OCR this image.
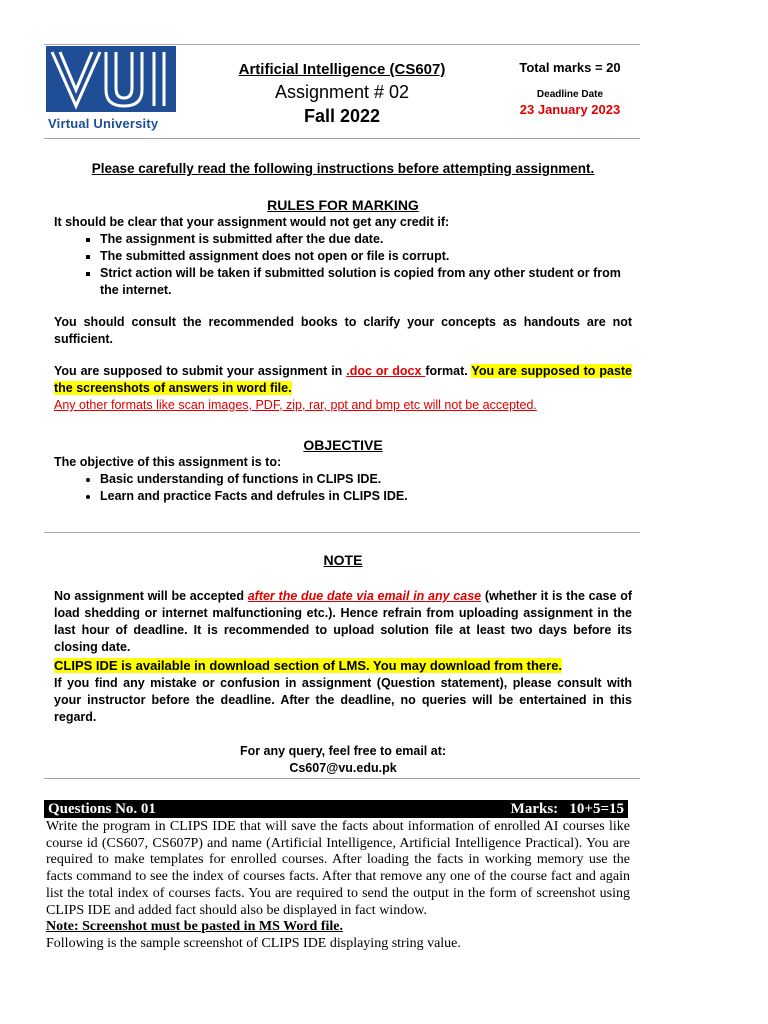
Virtual University
Artificial Intelligence (CS607)
Assignment # 02
Fall 2022
Total marks = 20
Deadline Date
23 January 2023
Please carefully read the following instructions before attempting assignment.
RULES FOR MARKING
It should be clear that your assignment would not get any credit if:
▪ The assignment is submitted after the due date.
▪ The submitted assignment does not open or file is corrupt.
▪ Strict action will be taken if submitted solution is copied from any other student or from the internet.
You should consult the recommended books to clarify your concepts as handouts are not sufficient.
You are supposed to submit your assignment in .doc or docx format. You are supposed to paste the screenshots of answers in word file.
Any other formats like scan images, PDF, zip, rar, ppt and bmp etc will not be accepted.
OBJECTIVE
The objective of this assignment is to:
• Basic understanding of functions in CLIPS IDE.
• Learn and practice Facts and defrules in CLIPS IDE.
NOTE
No assignment will be accepted after the due date via email in any case (whether it is the case of load shedding or internet malfunctioning etc.). Hence refrain from uploading assignment in the last hour of deadline. It is recommended to upload solution file at least two days before its closing date.
CLIPS IDE is available in download section of LMS. You may download from there.
If you find any mistake or confusion in assignment (Question statement), please consult with your instructor before the deadline. After the deadline, no queries will be entertained in this regard.
For any query, feel free to email at:
Cs607@vu.edu.pk
Questions No. 01	Marks:   10+5=15
Write the program in CLIPS IDE that will save the facts about information of enrolled AI courses like course id (CS607, CS607P) and name (Artificial Intelligence, Artificial Intelligence Practical). You are required to make templates for enrolled courses. After loading the facts in working memory use the facts command to see the index of courses facts. After that remove any one of the course fact and again list the total index of courses facts. You are required to send the output in the form of screenshot using CLIPS IDE and added fact should also be displayed in fact window.
Note: Screenshot must be pasted in MS Word file.
Following is the sample screenshot of CLIPS IDE displaying string value.
